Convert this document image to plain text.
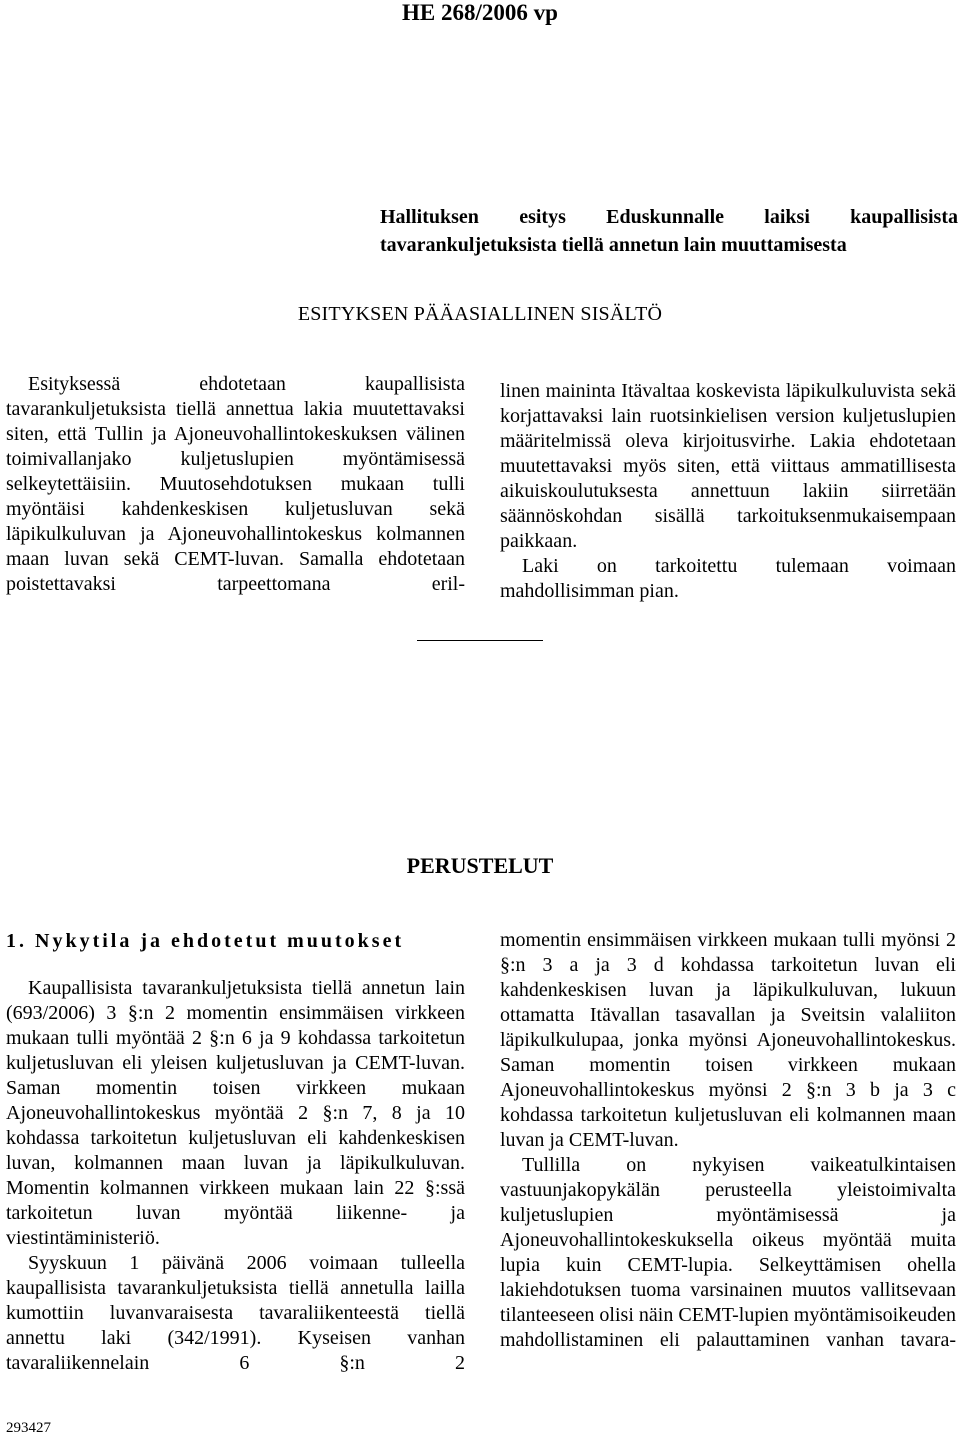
HE 268/2006 vp
Hallituksen esitys Eduskunnalle laiksi kaupallisista tavarankuljetuksista tiellä annetun lain muuttamisesta
ESITYKSEN PÄÄASIALLINEN SISÄLTÖ

Esityksessä ehdotetaan kaupallisista tavarankuljetuksista tiellä annettua lakia muutettavaksi siten, että Tullin ja Ajoneuvohallintokeskuksen välinen toimivallanjako kuljetuslupien myöntämisessä selkeytettäisiin. Muutosehdotuksen mukaan tulli myöntäisi kahdenkeskisen kuljetusluvan sekä läpikulkuluvan ja Ajoneuvohallintokeskus kolmannen maan luvan sekä CEMT-luvan. Samalla ehdotetaan poistettavaksi tarpeettomana eril-

linen maininta Itävaltaa koskevista läpikulkuluvista sekä korjattavaksi lain ruotsinkielisen version kuljetuslupien määritelmissä oleva kirjoitusvirhe. Lakia ehdotetaan muutettavaksi myös siten, että viittaus ammatillisesta aikuiskoulutuksesta annettuun lakiin siirretään säännöskohdan sisällä tarkoituksenmukaisempaan paikkaan.

Laki on tarkoitettu tulemaan voimaan mahdollisimman pian.

PERUSTELUT

1. Nykytila ja ehdotetut muutokset

Kaupallisista tavarankuljetuksista tiellä annetun lain (693/2006) 3 §:n 2 momentin ensimmäisen virkkeen mukaan tulli myöntää 2 §:n 6 ja 9 kohdassa tarkoitetun kuljetusluvan eli yleisen kuljetusluvan ja CEMT-luvan. Saman momentin toisen virkkeen mukaan Ajoneuvohallintokeskus myöntää 2 §:n 7, 8 ja 10 kohdassa tarkoitetun kuljetusluvan eli kahdenkeskisen luvan, kolmannen maan luvan ja läpikulkuluvan. Momentin kolmannen virkkeen mukaan lain 22 §:ssä tarkoitetun luvan myöntää liikenne- ja viestintäministeriö.

Syyskuun 1 päivänä 2006 voimaan tulleella kaupallisista tavarankuljetuksista tiellä annetulla lailla kumottiin luvanvaraisesta tavaraliikenteestä tiellä annettu laki (342/1991). Kyseisen vanhan tavaraliikennelain 6 §:n 2

momentin ensimmäisen virkkeen mukaan tulli myönsi 2 §:n 3 a ja 3 d kohdassa tarkoitetun luvan eli kahdenkeskisen luvan ja läpikulkuluvan, lukuun ottamatta Itävallan tasavallan ja Sveitsin valaliiton läpikulkulupaa, jonka myönsi Ajoneuvohallintokeskus. Saman momentin toisen virkkeen mukaan Ajoneuvohallintokeskus myönsi 2 §:n 3 b ja 3 c kohdassa tarkoitetun kuljetusluvan eli kolmannen maan luvan ja CEMT-luvan.

Tullilla on nykyisen vaikeatulkintaisen vastuunjakopykälän perusteella yleistoimivalta kuljetuslupien myöntämisessä ja Ajoneuvohallintokeskuksella oikeus myöntää muita lupia kuin CEMT-lupia. Selkeyttämisen ohella lakiehdotuksen tuoma varsinainen muutos vallitsevaan tilanteeseen olisi näin CEMT-lupien myöntämisoikeuden mahdollistaminen eli palauttaminen vanhan tavara-

293427
